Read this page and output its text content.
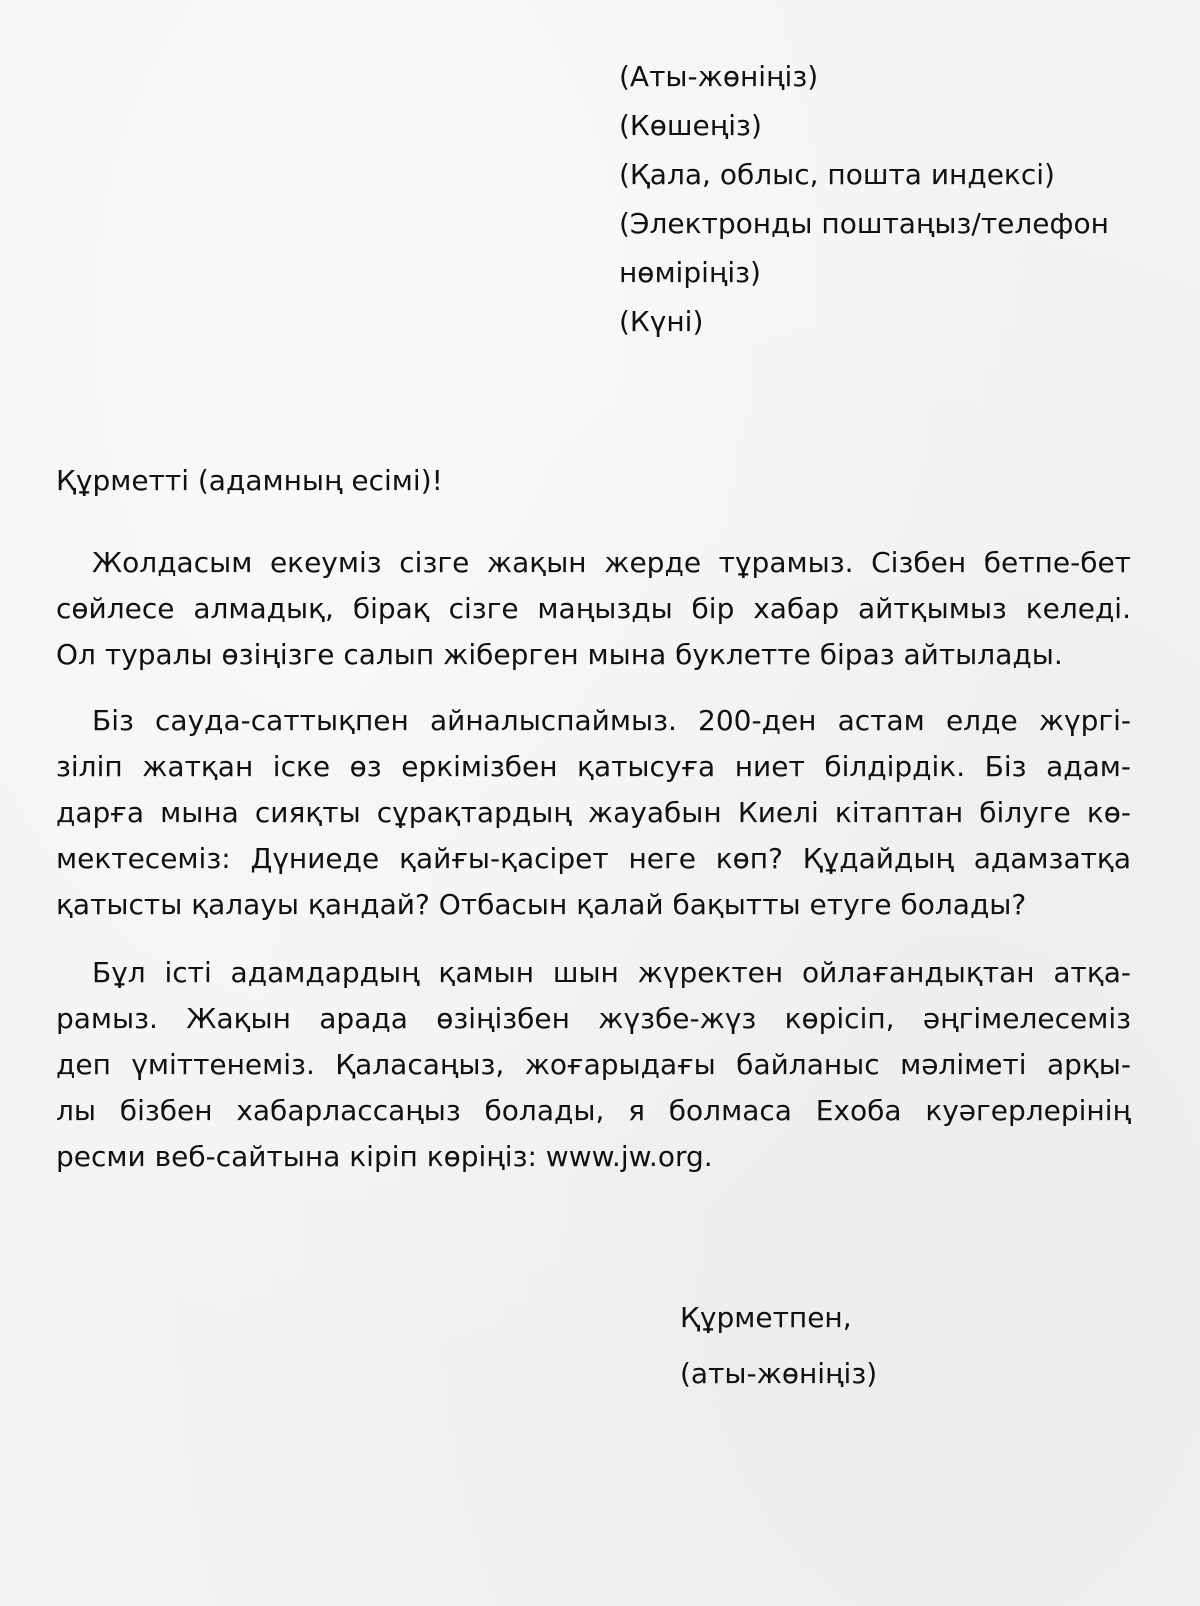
(Аты-жөніңіз)
(Көшеңіз)
(Қала, облыс, пошта индексі)
(Электронды поштаңыз/телефон
нөміріңіз)
(Күні)
Құрметті (адамның есімі)!
Жолдасым екеуміз сізге жақын жерде тұрамыз. Сізбен бетпе-бет
сөйлесе алмадық, бірақ сізге маңызды бір хабар айтқымыз келеді.
Ол туралы өзіңізге салып жіберген мына буклетте біраз айтылады.
Біз сауда-саттықпен айналыспаймыз. 200-ден астам елде жүргі-
зіліп жатқан іске өз еркімізбен қатысуға ниет білдірдік. Біз адам-
дарға мына сияқты сұрақтардың жауабын Киелі кітаптан білуге кө-
мектесеміз: Дүниеде қайғы-қасірет неге көп? Құдайдың адамзатқа
қатысты қалауы қандай? Отбасын қалай бақытты етуге болады?
Бұл істі адамдардың қамын шын жүректен ойлағандықтан атқа-
рамыз. Жақын арада өзіңізбен жүзбе-жүз көрісіп, әңгімелесеміз
деп үміттенеміз. Қаласаңыз, жоғарыдағы байланыс мәліметі арқы-
лы бізбен хабарлассаңыз болады, я болмаса Ехоба куәгерлерінің
ресми веб-сайтына кіріп көріңіз: www.jw.org.
Құрметпен,
(аты-жөніңіз)
